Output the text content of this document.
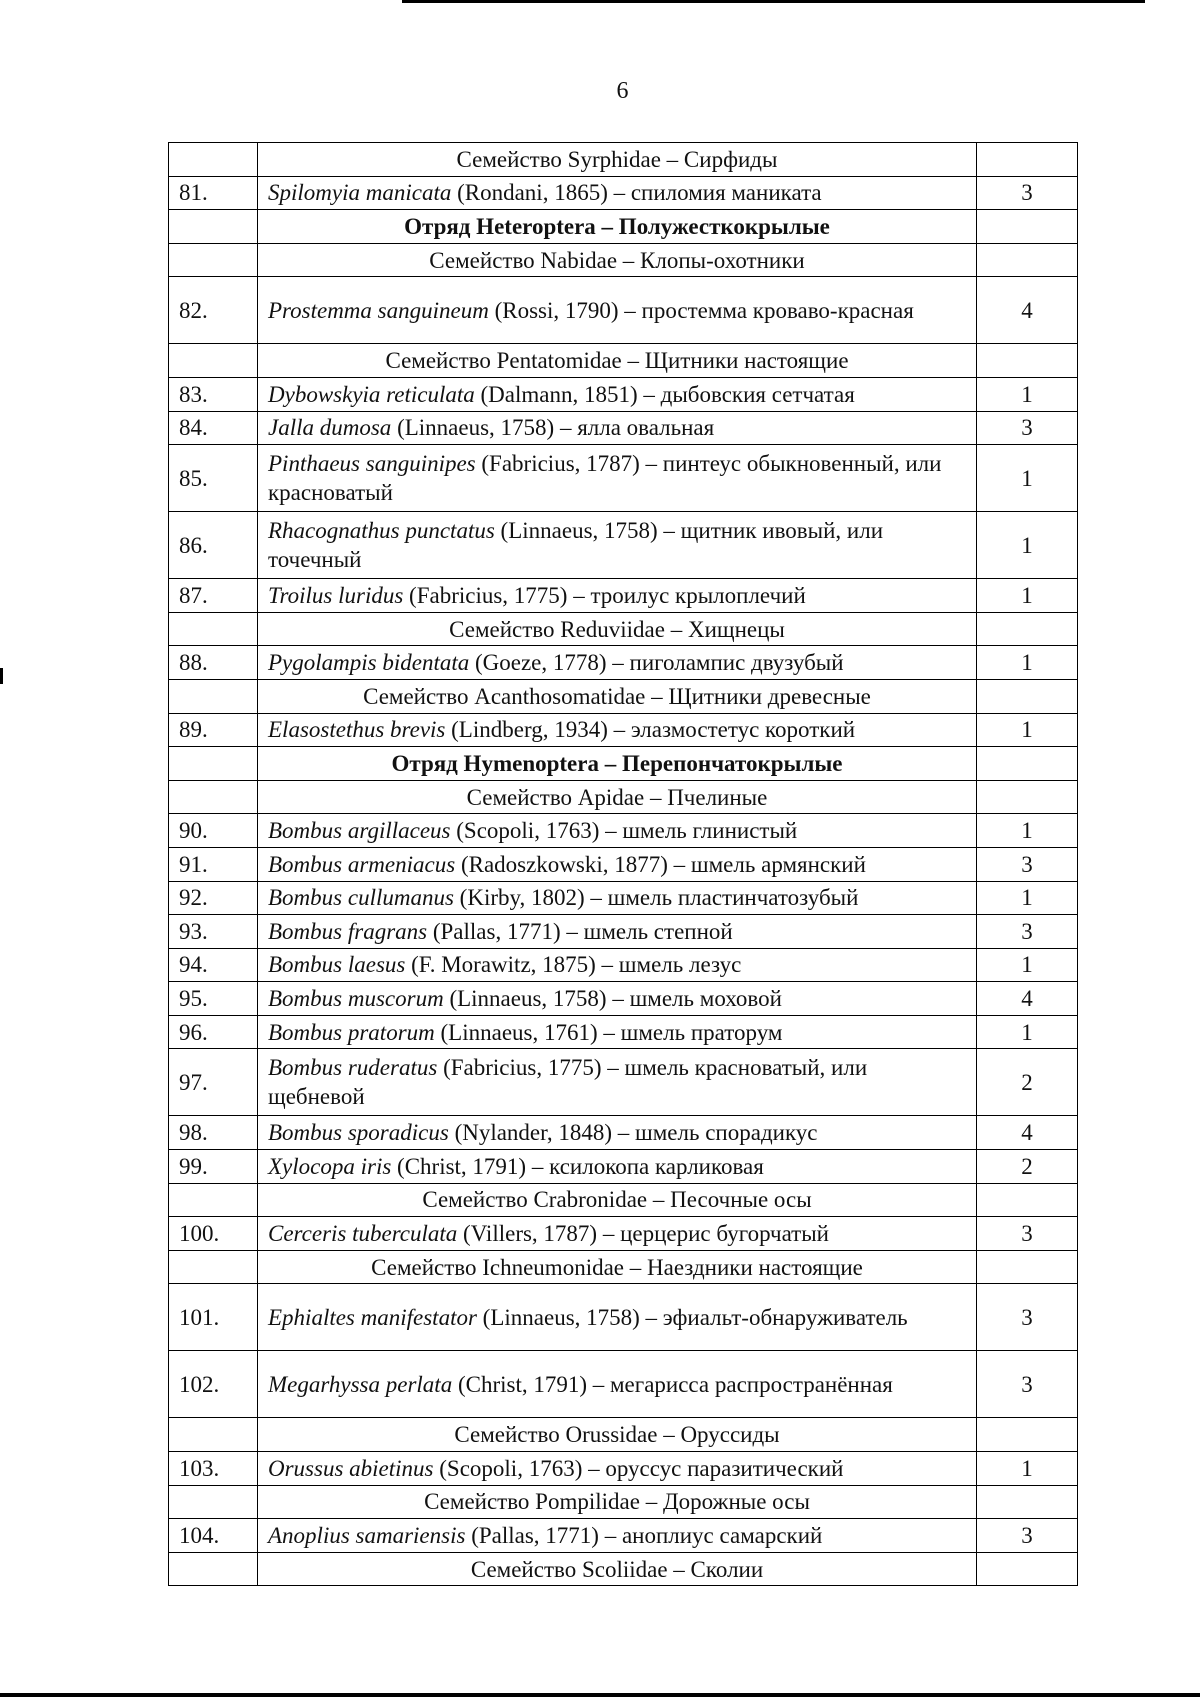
6
	Семейство Syrphidae – Сирфиды	
81.	Spilomyia manicata (Rondani, 1865) – спиломия маниката	3
	Отряд Heteroptera – Полужесткокрылые	
	Семейство Nabidae – Клопы-охотники	
82.	Prostemma sanguineum (Rossi, 1790) – простемма кроваво-красная	4
	Семейство Pentatomidae – Щитники настоящие	
83.	Dybowskyia reticulata (Dalmann, 1851) – дыбовския сетчатая	1
84.	Jalla dumosa (Linnaeus, 1758) – ялла овальная	3
85.	Pinthaeus sanguinipes (Fabricius, 1787) – пинтеус обыкновенный, или красноватый	1
86.	Rhacognathus punctatus (Linnaeus, 1758) – щитник ивовый, или точечный	1
87.	Troilus luridus (Fabricius, 1775) – троилус крылоплечий	1
	Семейство Reduviidae – Хищнецы	
88.	Pygolampis bidentata (Goeze, 1778) – пиголампис двузубый	1
	Семейство Acanthosomatidae – Щитники древесные	
89.	Elasostethus brevis (Lindberg, 1934) – элазмостетус короткий	1
	Отряд Hymenoptera – Перепончатокрылые	
	Семейство Apidae – Пчелиные	
90.	Bombus argillaceus (Scopoli, 1763) – шмель глинистый	1
91.	Bombus armeniacus (Radoszkowski, 1877) – шмель армянский	3
92.	Bombus cullumanus (Kirby, 1802) – шмель пластинчатозубый	1
93.	Bombus fragrans (Pallas, 1771) – шмель степной	3
94.	Bombus laesus (F. Morawitz, 1875) – шмель лезус	1
95.	Bombus muscorum (Linnaeus, 1758) – шмель моховой	4
96.	Bombus pratorum (Linnaeus, 1761) – шмель праторум	1
97.	Bombus ruderatus (Fabricius, 1775) – шмель красноватый, или щебневой	2
98.	Bombus sporadicus (Nylander, 1848) – шмель спорадикус	4
99.	Xylocopa iris (Christ, 1791) – ксилокопа карликовая	2
	Семейство Crabronidae – Песочные осы	
100.	Cerceris tuberculata (Villers, 1787) – церцерис бугорчатый	3
	Семейство Ichneumonidae – Наездники настоящие	
101.	Ephialtes manifestator (Linnaeus, 1758) – эфиальт-обнаруживатель	3
102.	Megarhyssa perlata (Christ, 1791) – мегарисса распространённая	3
	Семейство Orussidae – Оруссиды	
103.	Orussus abietinus (Scopoli, 1763) – оруссус паразитический	1
	Семейство Pompilidae – Дорожные осы	
104.	Anoplius samariensis (Pallas, 1771) – аноплиус самарский	3
	Семейство Scoliidae – Сколии	
